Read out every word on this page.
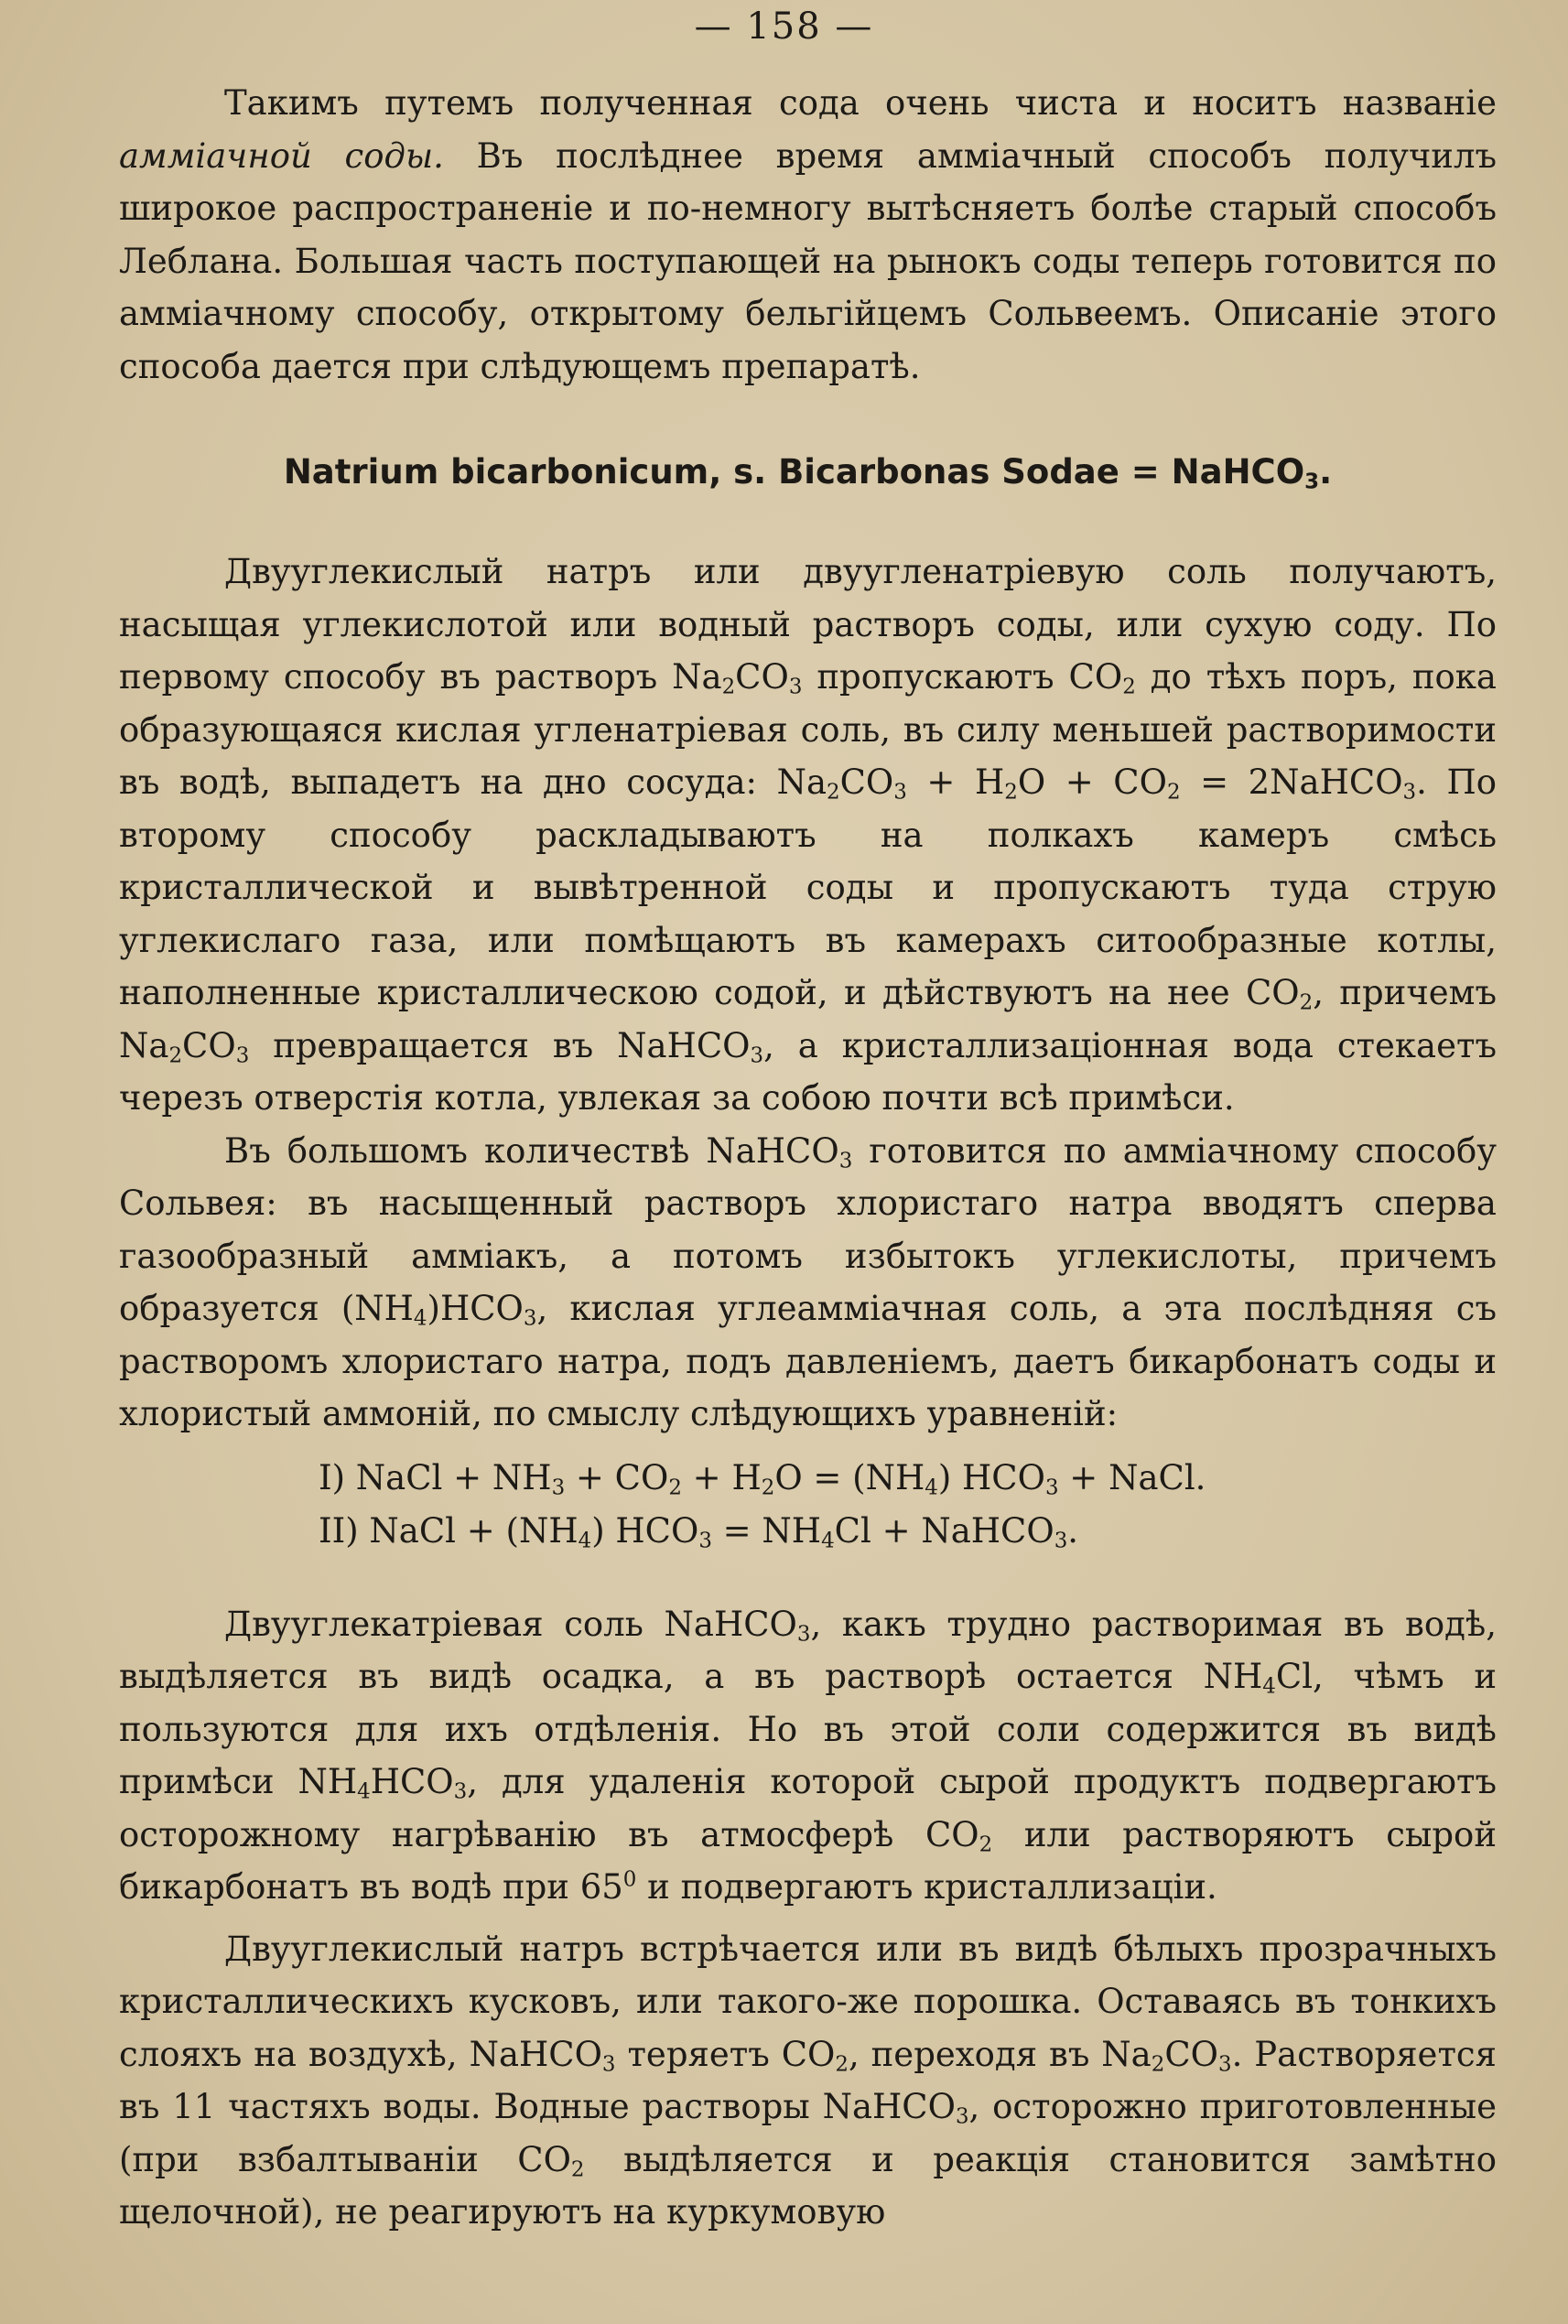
— 158 —

Такимъ путемъ полученная сода очень чиста и носитъ названіе амміачной соды. Въ послѣднее время амміачный способъ получилъ широкое распространеніе и по-немногу вытѣсняетъ болѣе старый способъ Леблана. Большая часть поступающей на рынокъ соды теперь готовится по амміачному способу, открытому бельгійцемъ Сольвеемъ. Описаніе этого способа дается при слѣдующемъ препаратѣ.

Natrium bicarbonicum, s. Bicarbonas Sodae = NaHCO$_3$.

Двууглекислый натръ или двуугленатріевую соль получаютъ, насыщая углекислотой или водный растворъ соды, или сухую соду. По первому способу въ растворъ $Na_2CO_3$ пропускаютъ $CO_2$ до тѣхъ поръ, пока образующаяся кислая угленатріевая соль, въ силу меньшей растворимости въ водѣ, выпадетъ на дно сосуда: $Na_2CO_3 + H_2O + CO_2$ = 2NaHCO$_3$. По второму способу раскладываютъ на полкахъ камеръ смѣсь кристаллической и вывѣтренной соды и пропускаютъ туда струю углекислаго газа, или помѣщаютъ въ камерахъ ситообразные котлы, наполненные кристаллическою содой, и дѣйствуютъ на нее $CO_2$, причемъ $Na_2CO_3$ превращается въ NaHCO$_3$, а кристаллизаціонная вода стекаетъ черезъ отверстія котла, увлекая за собою почти всѣ примѣси.

Въ большомъ количествѣ NaHCO$_3$ готовится по амміачному способу Сольвея: въ насыщенный растворъ хлористаго натра вводятъ сперва газообразный амміакъ, а потомъ избытокъ углекислоты, причемъ образуется $(NH_4)HCO_3$, кислая углеамміачная соль, а эта послѣдняя съ растворомъ хлористаго натра, подъ давленіемъ, даетъ бикарбонатъ соды и хлористый аммоній, по смыслу слѣдующихъ уравненій:

I) NaCl + $NH_3 + CO_2 + H_2O = (NH_4) HCO_3$ + NaCl.
II) NaCl + $(NH_4) HCO_3 = NH_4Cl$ + NaHCO$_3$.

Двууглекатріевая соль NaHCO$_3$, какъ трудно растворимая въ водѣ, выдѣляется въ видѣ осадка, а въ растворѣ остается $NH_4Cl$, чѣмъ и пользуются для ихъ отдѣленія. Но въ этой соли содержится въ видѣ примѣси $NH_4HCO_3$, для удаленія которой сырой продуктъ подвергаютъ осторожному нагрѣванію въ атмосферѣ $CO_2$ или растворяютъ сырой бикарбонатъ въ водѣ при $65^0$ и подвергаютъ кристаллизаціи.

Двууглекислый натръ встрѣчается или въ видѣ бѣлыхъ прозрачныхъ кристаллическихъ кусковъ, или такого-же порошка. Оставаясь въ тонкихъ слояхъ на воздухѣ, NaHCO$_3$ теряетъ $CO_2$, переходя въ $Na_2CO_3$. Растворяется въ 11 частяхъ воды. Водные растворы NaHCO$_3$, осторожно приготовленные (при взбалтываніи $CO_2$ выдѣляется и реакція становится замѣтно щелочной), не реагируютъ на куркумовую
